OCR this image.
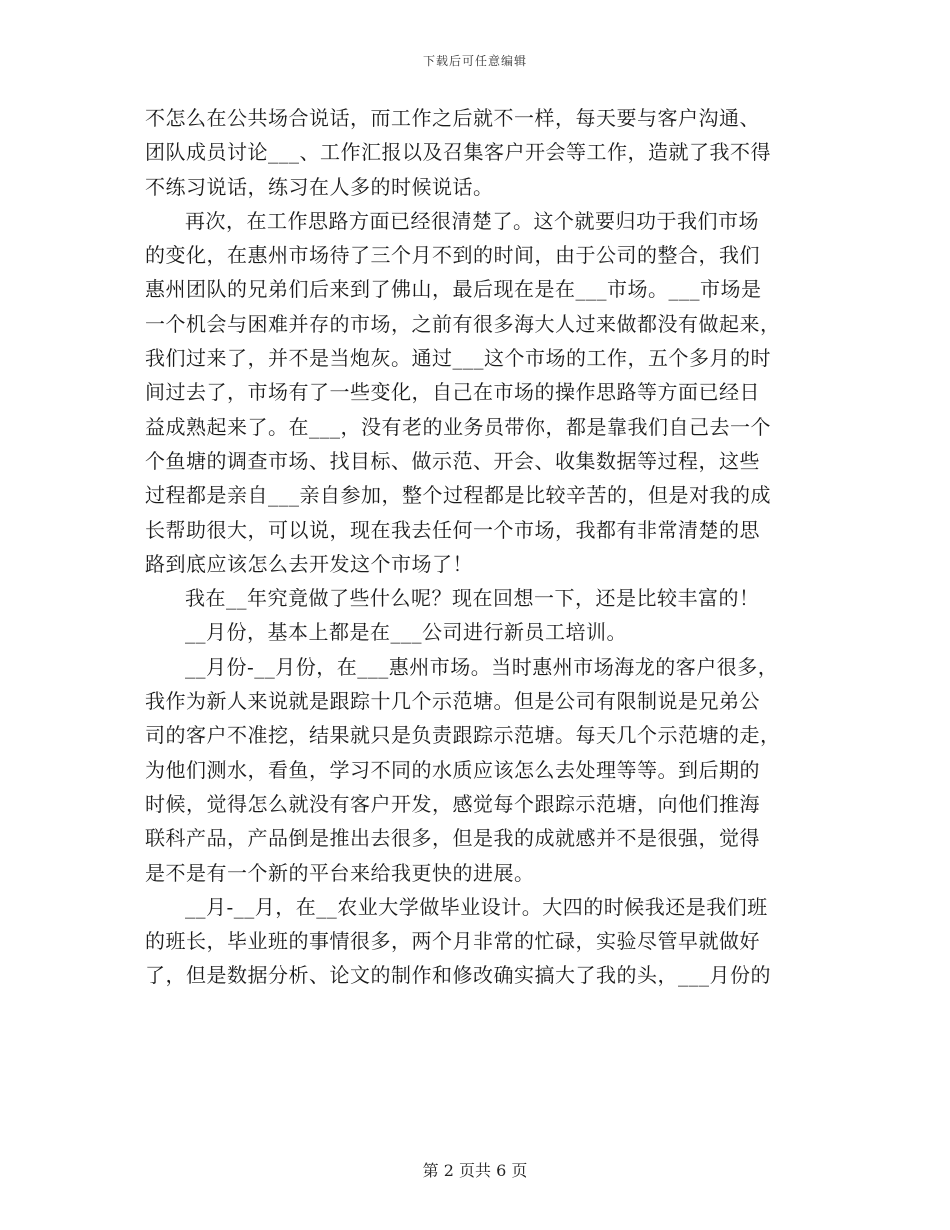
下载后可任意编辑
不怎么在公共场合说话，而工作之后就不一样，每天要与客户沟通、
团队成员讨论___、工作汇报以及召集客户开会等工作，造就了我不得
不练习说话，练习在人多的时候说话。
再次，在工作思路方面已经很清楚了。这个就要归功于我们市场
的变化，在惠州市场待了三个月不到的时间，由于公司的整合，我们
惠州团队的兄弟们后来到了佛山，最后现在是在___市场。___市场是
一个机会与困难并存的市场，之前有很多海大人过来做都没有做起来，
我们过来了，并不是当炮灰。通过___这个市场的工作，五个多月的时
间过去了，市场有了一些变化，自己在市场的操作思路等方面已经日
益成熟起来了。在___，没有老的业务员带你，都是靠我们自己去一个
个鱼塘的调查市场、找目标、做示范、开会、收集数据等过程，这些
过程都是亲自___亲自参加，整个过程都是比较辛苦的，但是对我的成
长帮助很大，可以说，现在我去任何一个市场，我都有非常清楚的思
路到底应该怎么去开发这个市场了！
我在__年究竟做了些什么呢？现在回想一下，还是比较丰富的！
__月份，基本上都是在___公司进行新员工培训。
__月份-__月份，在___惠州市场。当时惠州市场海龙的客户很多，
我作为新人来说就是跟踪十几个示范塘。但是公司有限制说是兄弟公
司的客户不准挖，结果就只是负责跟踪示范塘。每天几个示范塘的走，
为他们测水，看鱼，学习不同的水质应该怎么去处理等等。到后期的
时候，觉得怎么就没有客户开发，感觉每个跟踪示范塘，向他们推海
联科产品，产品倒是推出去很多，但是我的成就感并不是很强，觉得
是不是有一个新的平台来给我更快的进展。
__月-__月，在__农业大学做毕业设计。大四的时候我还是我们班
的班长，毕业班的事情很多，两个月非常的忙碌，实验尽管早就做好
了，但是数据分析、论文的制作和修改确实搞大了我的头，___月份的
第 2 页共 6 页
